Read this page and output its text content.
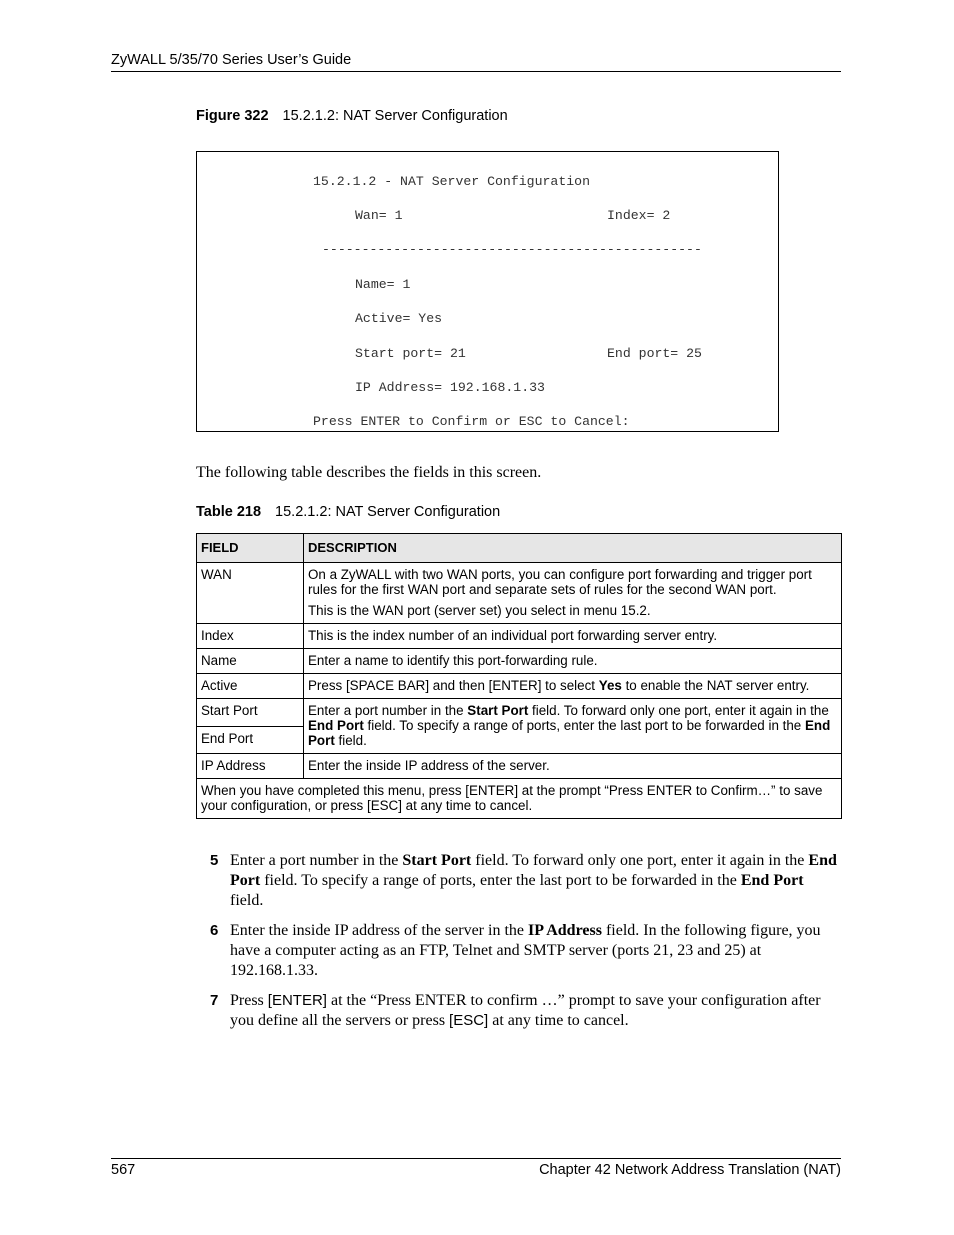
ZyWALL 5/35/70 Series User’s Guide
Figure 322 15.2.1.2: NAT Server Configuration
15.2.1.2 - NAT Server Configuration
Wan= 1	Index= 2
------------------------------------------------
Name= 1
Active= Yes
Start port= 21	End port= 25
IP Address= 192.168.1.33
Press ENTER to Confirm or ESC to Cancel:
The following table describes the fields in this screen.
Table 218 15.2.1.2: NAT Server Configuration
FIELD	DESCRIPTION
WAN	On a ZyWALL with two WAN ports, you can configure port forwarding and trigger port rules for the first WAN port and separate sets of rules for the second WAN port.

This is the WAN port (server set) you select in menu 15.2.

Index	This is the index number of an individual port forwarding server entry.
Name	Enter a name to identify this port-forwarding rule.
Active	Press [SPACE BAR] and then [ENTER] to select Yes to enable the NAT server entry.
Start Port	Enter a port number in the Start Port field. To forward only one port, enter it again in the End Port field. To specify a range of ports, enter the last port to be forwarded in the End Port field.
End Port	
IP Address	Enter the inside IP address of the server.
When you have completed this menu, press [ENTER] at the prompt “Press ENTER to Confirm…” to save your configuration, or press [ESC] at any time to cancel.	
5 Enter a port number in the Start Port field. To forward only one port, enter it again in the End Port field. To specify a range of ports, enter the last port to be forwarded in the End Port field.
6 Enter the inside IP address of the server in the IP Address field. In the following figure, you have a computer acting as an FTP, Telnet and SMTP server (ports 21, 23 and 25) at 192.168.1.33.
7 Press [ENTER] at the “Press ENTER to confirm …” prompt to save your configuration after you define all the servers or press [ESC] at any time to cancel.
567	Chapter 42 Network Address Translation (NAT)
